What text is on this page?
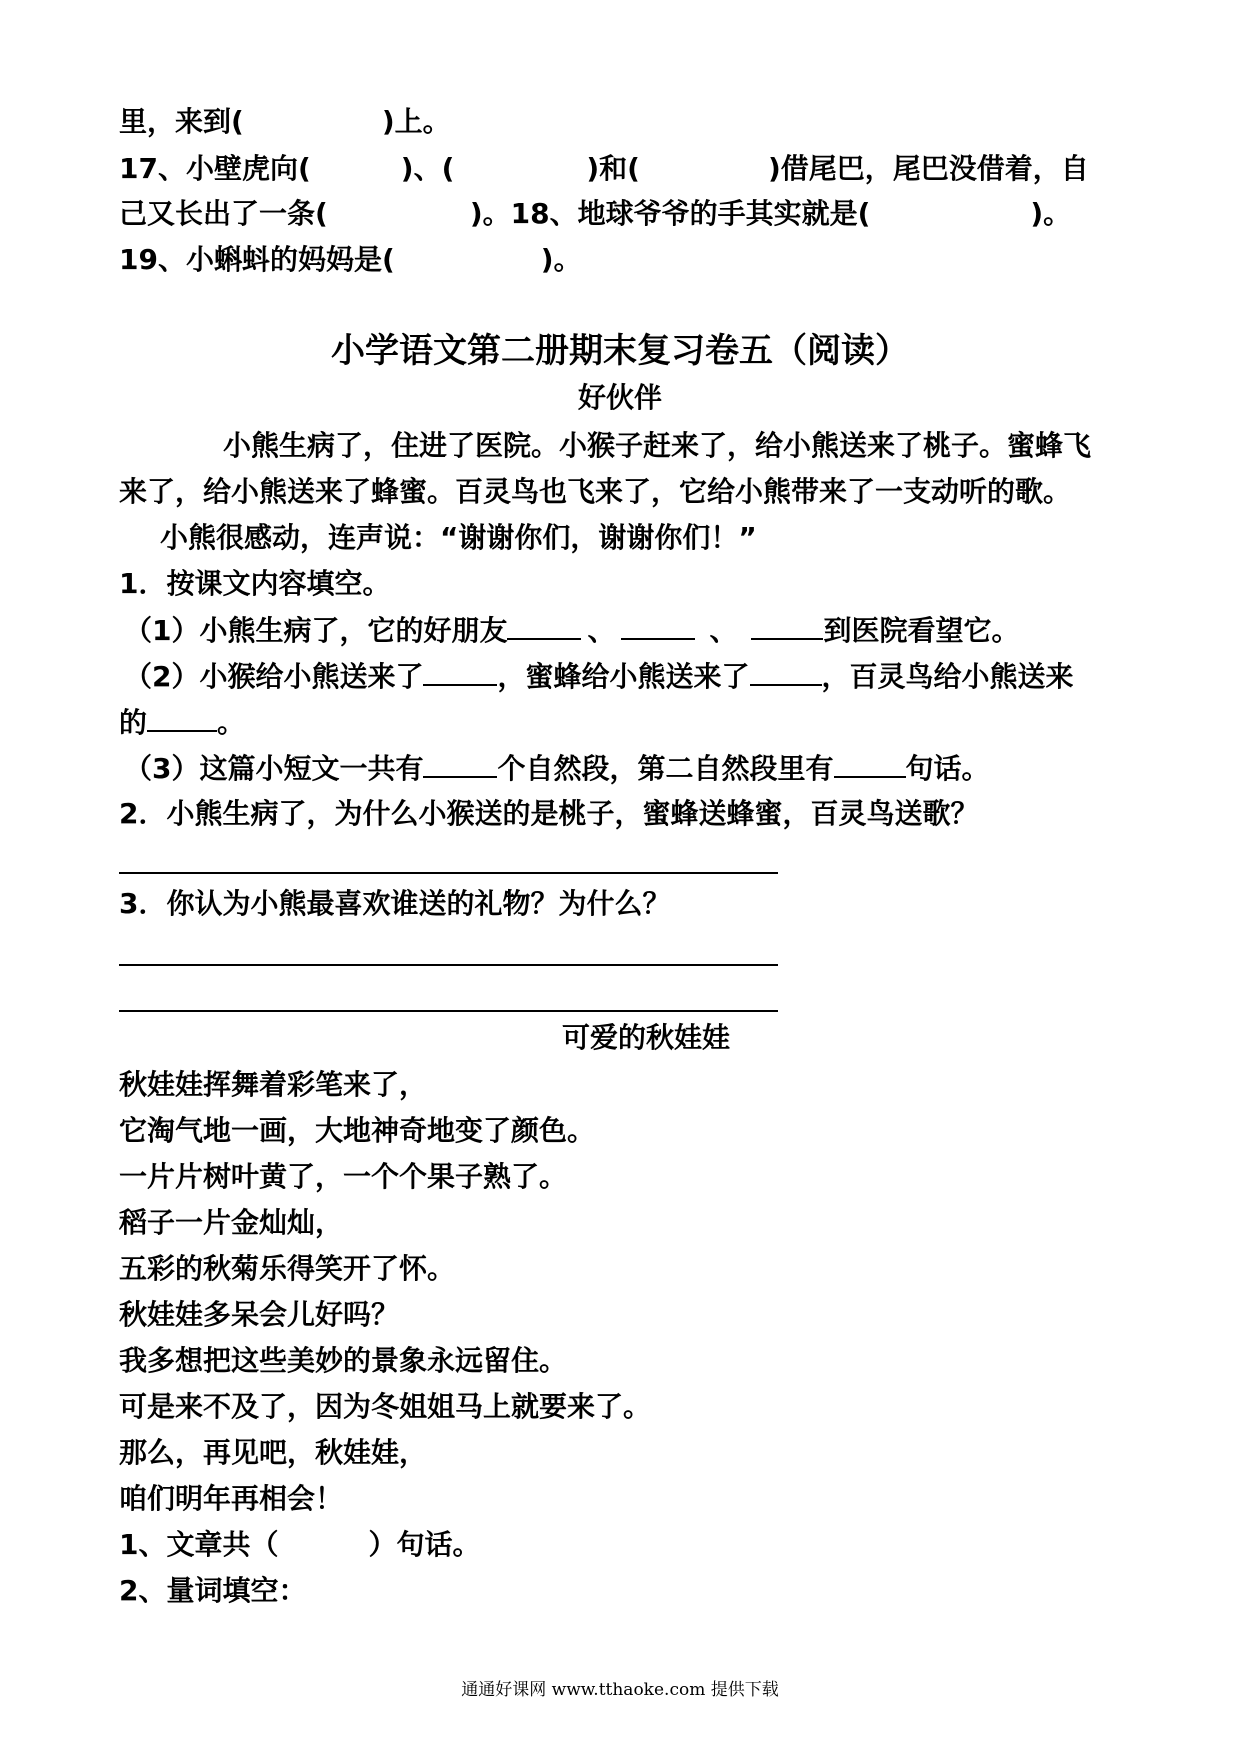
里，来到(	)上。
17、小壁虎向(	)、(	)和(	)借尾巴，尾巴没借着，自
己又长出了一条(	)。18、地球爷爷的手其实就是(	)。
19、小蝌蚪的妈妈是(	)。
小学语文第二册期末复习卷五（阅读）
好伙伴
小熊生病了，住进了医院。小猴子赶来了，给小熊送来了桃子。蜜蜂飞
来了，给小熊送来了蜂蜜。百灵鸟也飞来了，它给小熊带来了一支动听的歌。
小熊很感动，连声说：“谢谢你们，谢谢你们！”
1．按课文内容填空。
（1）小熊生病了，它的好朋友	、	、	到医院看望它。
（2）小猴给小熊送来了	，蜜蜂给小熊送来了	，百灵鸟给小熊送来
的	。
（3）这篇小短文一共有	个自然段，第二自然段里有	句话。
2．小熊生病了，为什么小猴送的是桃子，蜜蜂送蜂蜜，百灵鸟送歌？
3．你认为小熊最喜欢谁送的礼物？为什么？
可爱的秋娃娃
秋娃娃挥舞着彩笔来了，
它淘气地一画，大地神奇地变了颜色。
一片片树叶黄了，一个个果子熟了。
稻子一片金灿灿，
五彩的秋菊乐得笑开了怀。
秋娃娃多呆会儿好吗？
我多想把这些美妙的景象永远留住。
可是来不及了，因为冬姐姐马上就要来了。
那么，再见吧，秋娃娃，
咱们明年再相会！
1、文章共（	）句话。
2、量词填空：
通通好课网 www.tthaoke.com 提供下载
